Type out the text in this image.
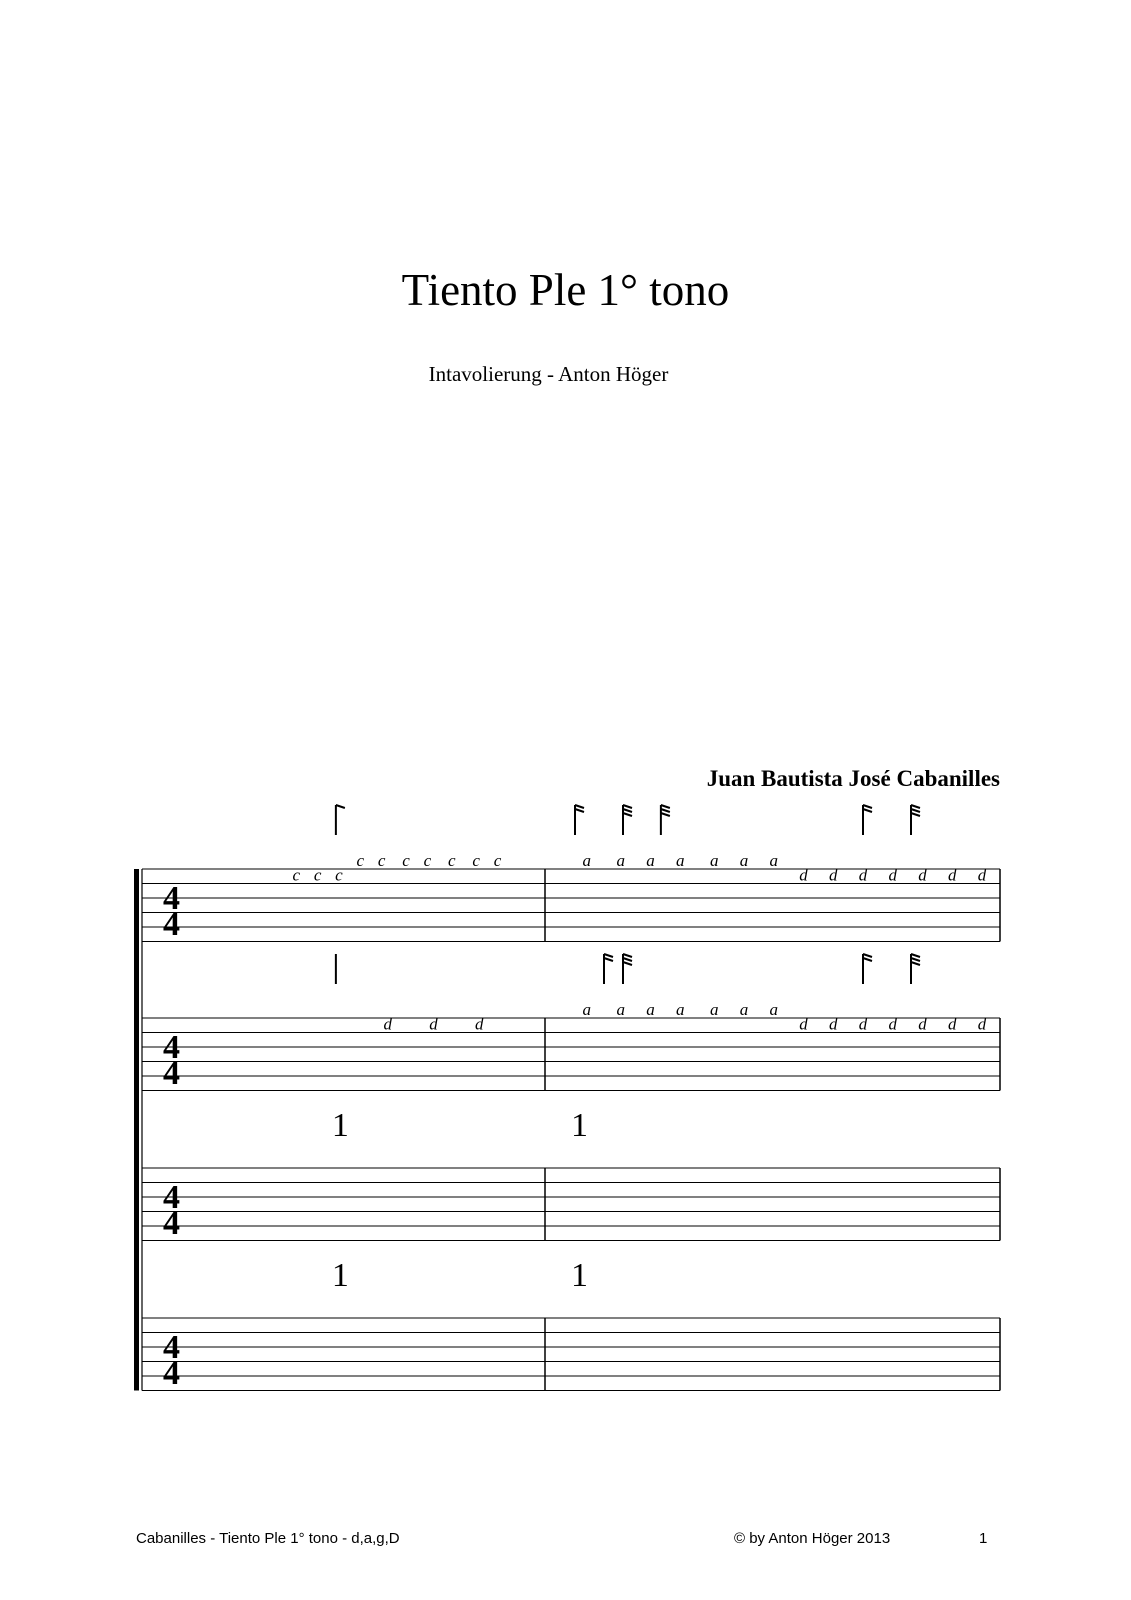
Tiento Ple 1° tono
Intavolierung - Anton Höger
Juan Bautista José Cabanilles
4
4
c c c
c c c c c c c	a a a a a a a
d d d d d d d
4
4
d d d
a a a a a a a
d d d d d d d
4
4
1	1
4
4
1	1
Cabanilles - Tiento Ple 1° tono - d,a,g,D	© by Anton Höger 2013	1
